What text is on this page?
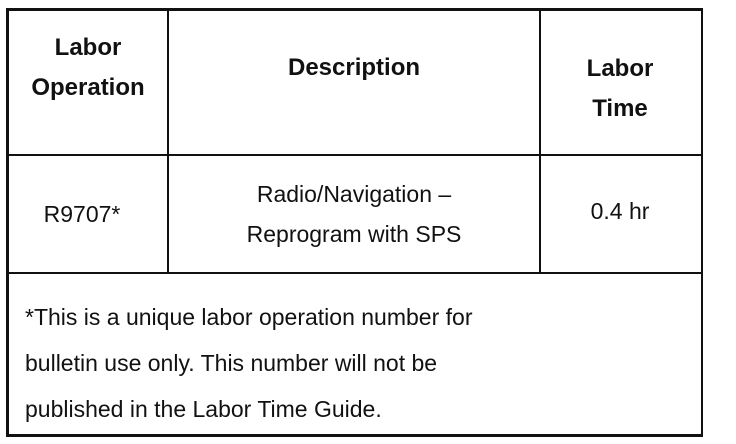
Labor
Operation
Description	Labor
Time
R9707*
Radio/Navigation –
Reprogram with SPS
0.4 hr
*This is a unique labor operation number for
bulletin use only. This number will not be
published in the Labor Time Guide.
